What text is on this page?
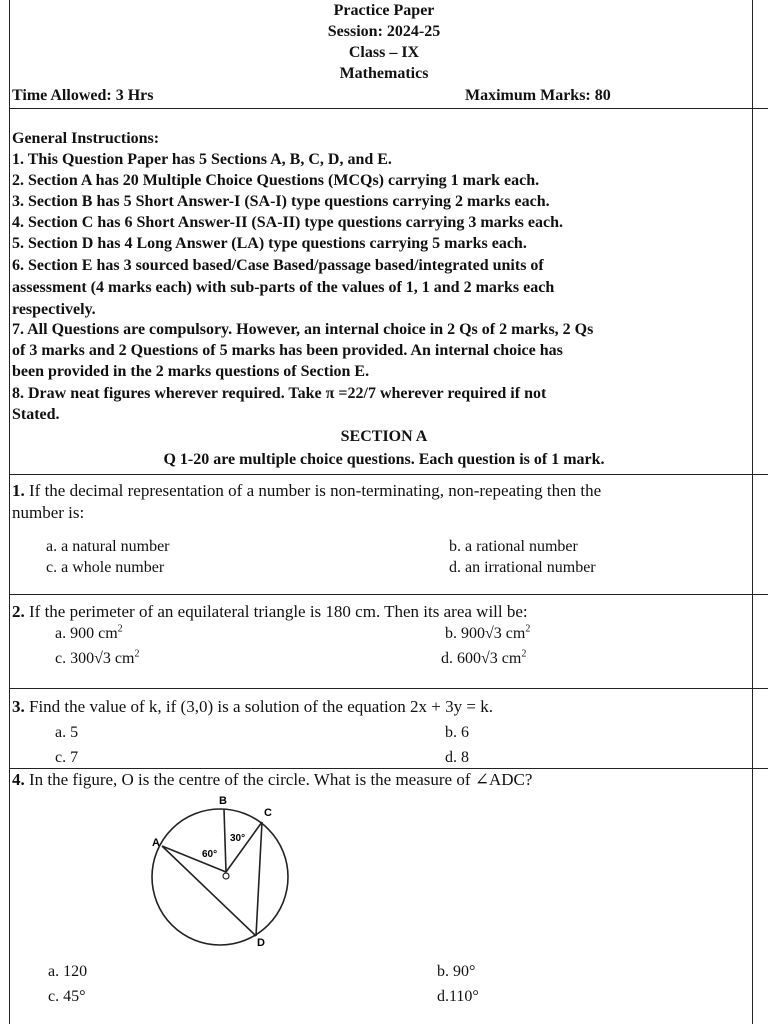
Practice Paper
Session: 2024-25
Class – IX
Mathematics
Time Allowed: 3 Hrs	Maximum Marks: 80
General Instructions:
1. This Question Paper has 5 Sections A, B, C, D, and E.
2. Section A has 20 Multiple Choice Questions (MCQs) carrying 1 mark each.
3. Section B has 5 Short Answer-I (SA-I) type questions carrying 2 marks each.
4. Section C has 6 Short Answer-II (SA-II) type questions carrying 3 marks each.
5. Section D has 4 Long Answer (LA) type questions carrying 5 marks each.
6. Section E has 3 sourced based/Case Based/passage based/integrated units of
assessment (4 marks each) with sub-parts of the values of 1, 1 and 2 marks each
respectively.
7. All Questions are compulsory. However, an internal choice in 2 Qs of 2 marks, 2 Qs
of 3 marks and 2 Questions of 5 marks has been provided. An internal choice has
been provided in the 2 marks questions of Section E.
8. Draw neat figures wherever required. Take π =22/7 wherever required if not
Stated.
SECTION A
Q 1-20 are multiple choice questions. Each question is of 1 mark.
1. If the decimal representation of a number is non-terminating, non-repeating then the
number is:
a. a natural number	b. a rational number
c. a whole number	d. an irrational number
2. If the perimeter of an equilateral triangle is 180 cm. Then its area will be:
a. 900 $cm^2$	b. 900√3 $cm^2$
c. 300√3 $cm^2$	d. 600√3 $cm^2$
3. Find the value of k, if (3,0) is a solution of the equation 2x + 3y = k.
a. 5	b. 6
c. 7	d. 8
4. In the figure, O is the centre of the circle. What is the measure of ∠ADC?
B
C
A
D
60°
30°
a. 120	b. 90°
c. 45°	d.110°
